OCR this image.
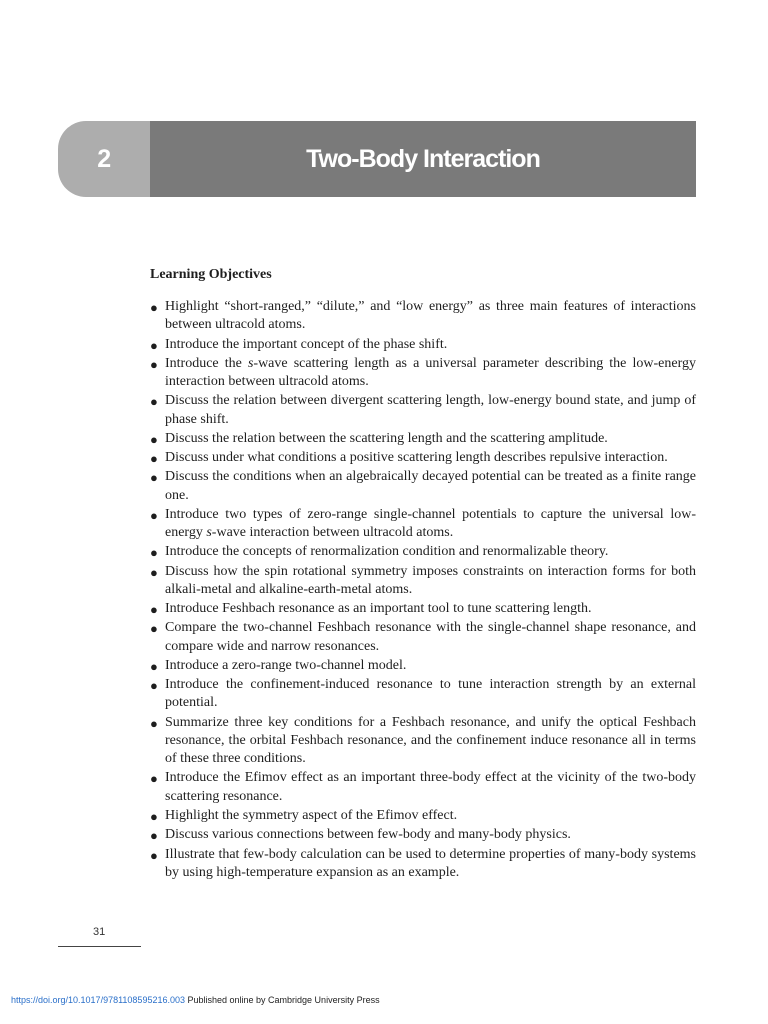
2	Two-Body Interaction
Learning Objectives
● Highlight “short-ranged,” “dilute,” and “low energy” as three main features of interactions between ultracold atoms.
● Introduce the important concept of the phase shift.
● Introduce the s-wave scattering length as a universal parameter describing the low-energy interaction between ultracold atoms.
● Discuss the relation between divergent scattering length, low-energy bound state, and jump of phase shift.
● Discuss the relation between the scattering length and the scattering amplitude.
● Discuss under what conditions a positive scattering length describes repulsive interaction.
● Discuss the conditions when an algebraically decayed potential can be treated as a finite range one.
● Introduce two types of zero-range single-channel potentials to capture the universal low-energy s-wave interaction between ultracold atoms.
● Introduce the concepts of renormalization condition and renormalizable theory.
● Discuss how the spin rotational symmetry imposes constraints on interaction forms for both alkali-metal and alkaline-earth-metal atoms.
● Introduce Feshbach resonance as an important tool to tune scattering length.
● Compare the two-channel Feshbach resonance with the single-channel shape resonance, and compare wide and narrow resonances.
● Introduce a zero-range two-channel model.
● Introduce the confinement-induced resonance to tune interaction strength by an external potential.
● Summarize three key conditions for a Feshbach resonance, and unify the optical Feshbach resonance, the orbital Feshbach resonance, and the confinement induce resonance all in terms of these three conditions.
● Introduce the Efimov effect as an important three-body effect at the vicinity of the two-body scattering resonance.
● Highlight the symmetry aspect of the Efimov effect.
● Discuss various connections between few-body and many-body physics.
● Illustrate that few-body calculation can be used to determine properties of many-body systems by using high-temperature expansion as an example.
31
https://doi.org/10.1017/9781108595216.003 Published online by Cambridge University Press
